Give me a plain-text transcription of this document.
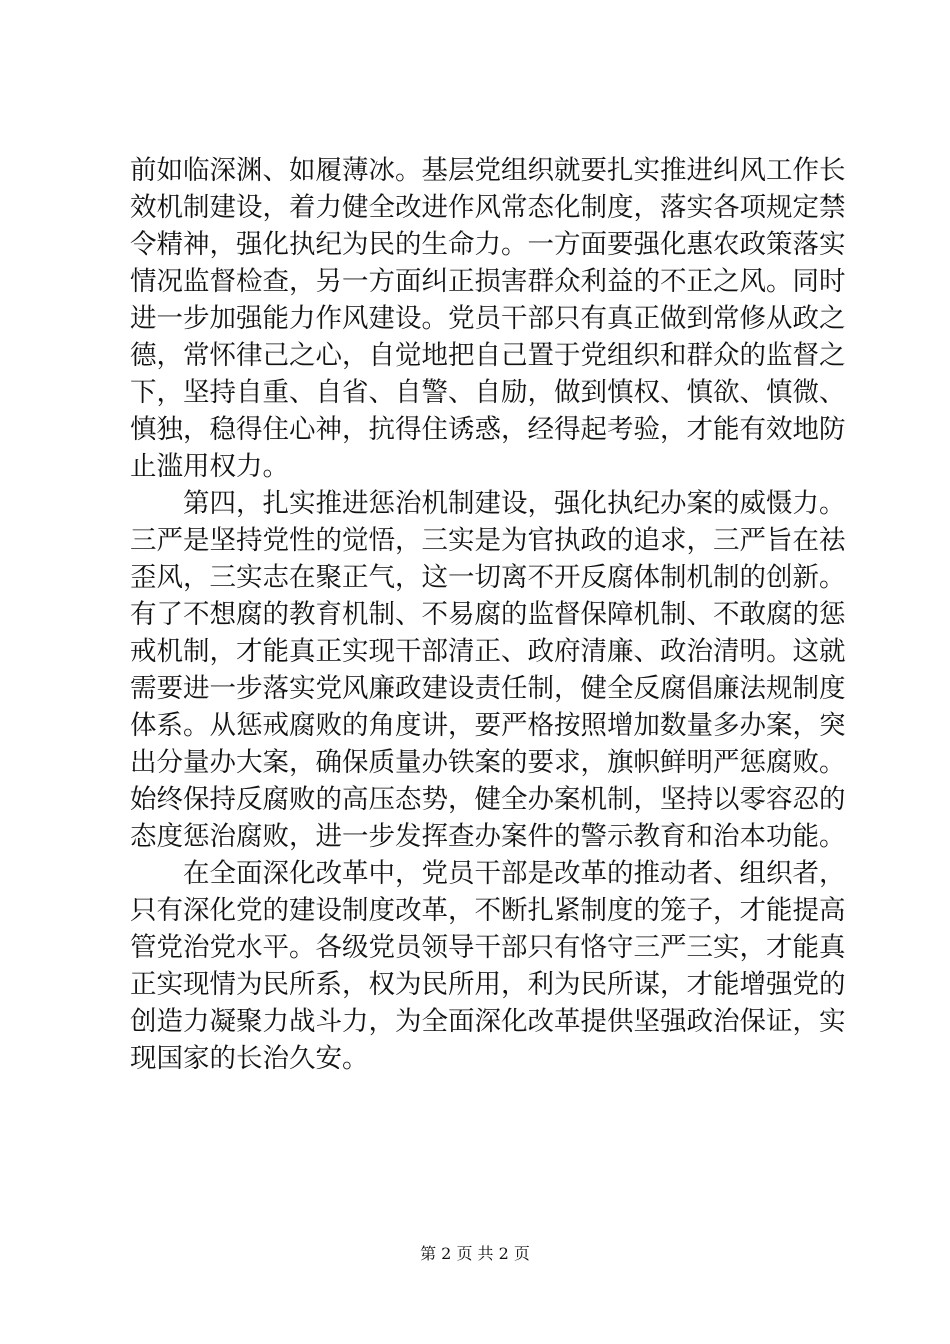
前如临深渊、如履薄冰。基层党组织就要扎实推进纠风工作长
效机制建设，着力健全改进作风常态化制度，落实各项规定禁
令精神，强化执纪为民的生命力。一方面要强化惠农政策落实
情况监督检查，另一方面纠正损害群众利益的不正之风。同时
进一步加强能力作风建设。党员干部只有真正做到常修从政之
德，常怀律己之心，自觉地把自己置于党组织和群众的监督之
下，坚持自重、自省、自警、自励，做到慎权、慎欲、慎微、
慎独，稳得住心神，抗得住诱惑，经得起考验，才能有效地防
止滥用权力。
第四，扎实推进惩治机制建设，强化执纪办案的威慑力。
三严是坚持党性的觉悟，三实是为官执政的追求，三严旨在祛
歪风，三实志在聚正气，这一切离不开反腐体制机制的创新。
有了不想腐的教育机制、不易腐的监督保障机制、不敢腐的惩
戒机制，才能真正实现干部清正、政府清廉、政治清明。这就
需要进一步落实党风廉政建设责任制，健全反腐倡廉法规制度
体系。从惩戒腐败的角度讲，要严格按照增加数量多办案，突
出分量办大案，确保质量办铁案的要求，旗帜鲜明严惩腐败。
始终保持反腐败的高压态势，健全办案机制，坚持以零容忍的
态度惩治腐败，进一步发挥查办案件的警示教育和治本功能。
在全面深化改革中，党员干部是改革的推动者、组织者，
只有深化党的建设制度改革，不断扎紧制度的笼子，才能提高
管党治党水平。各级党员领导干部只有恪守三严三实，才能真
正实现情为民所系，权为民所用，利为民所谋，才能增强党的
创造力凝聚力战斗力，为全面深化改革提供坚强政治保证，实
现国家的长治久安。
第 2 页 共 2 页
